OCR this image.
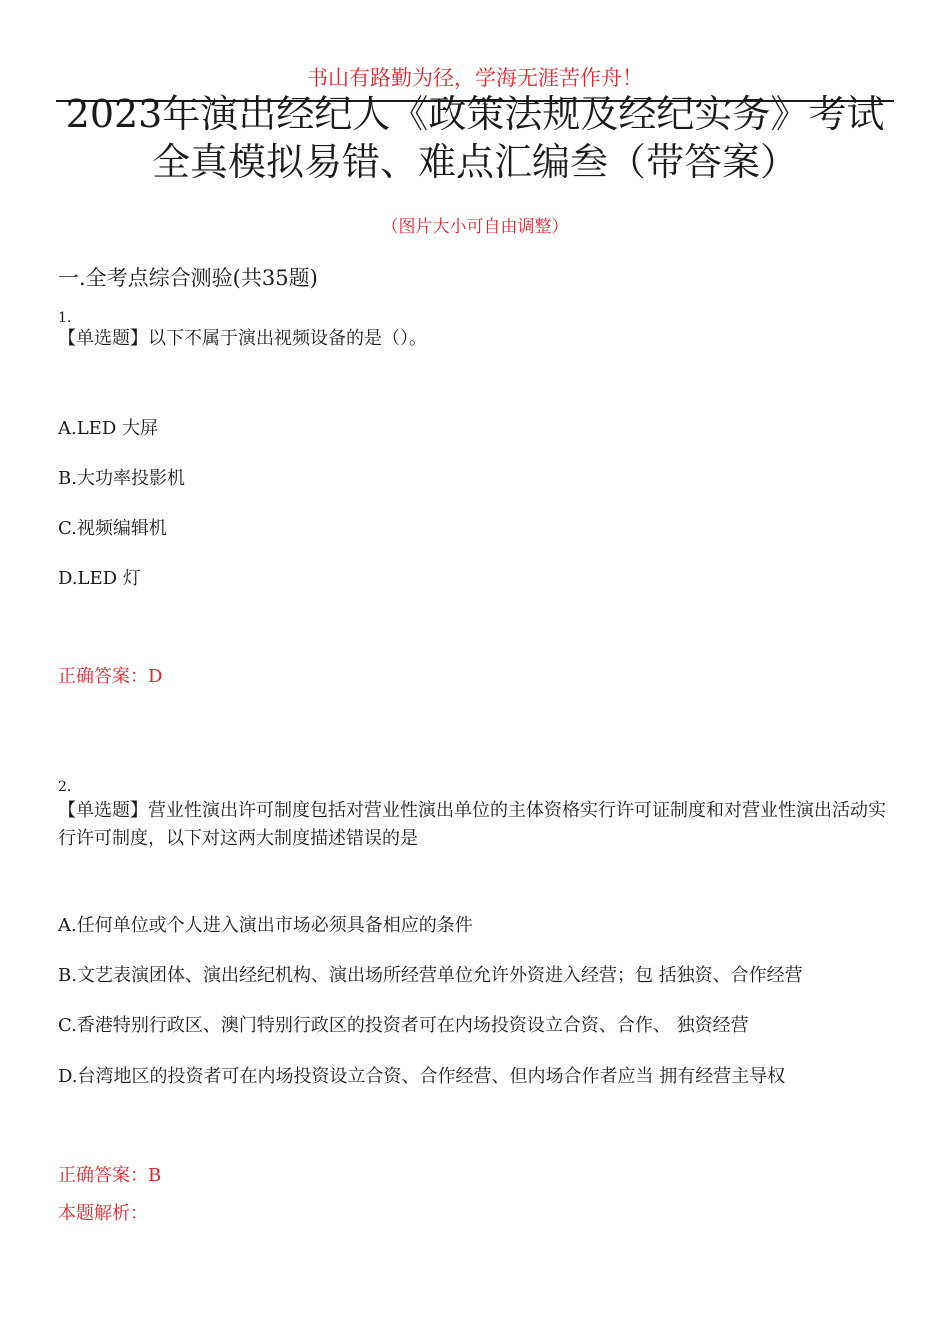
书山有路勤为径，学海无涯苦作舟！
2023年演出经纪人《政策法规及经纪实务》考试
全真模拟易错、难点汇编叁（带答案）
（图片大小可自由调整）
一.全考点综合测验(共35题)
1.
【单选题】以下不属于演出视频设备的是（）。
A.LED 大屏
B.大功率投影机
C.视频编辑机
D.LED 灯
正确答案：D
2.
【单选题】营业性演出许可制度包括对营业性演出单位的主体资格实行许可证制度和对营业性演出活动实行许可制度，以下对这两大制度描述错误的是
A.任何单位或个人进入演出市场必须具备相应的条件
B.文艺表演团体、演出经纪机构、演出场所经营单位允许外资进入经营；包 括独资、合作经营
C.香港特别行政区、澳门特别行政区的投资者可在内场投资设立合资、合作、 独资经营
D.台湾地区的投资者可在内场投资设立合资、合作经营、但内场合作者应当 拥有经营主导权
正确答案：B
本题解析：
